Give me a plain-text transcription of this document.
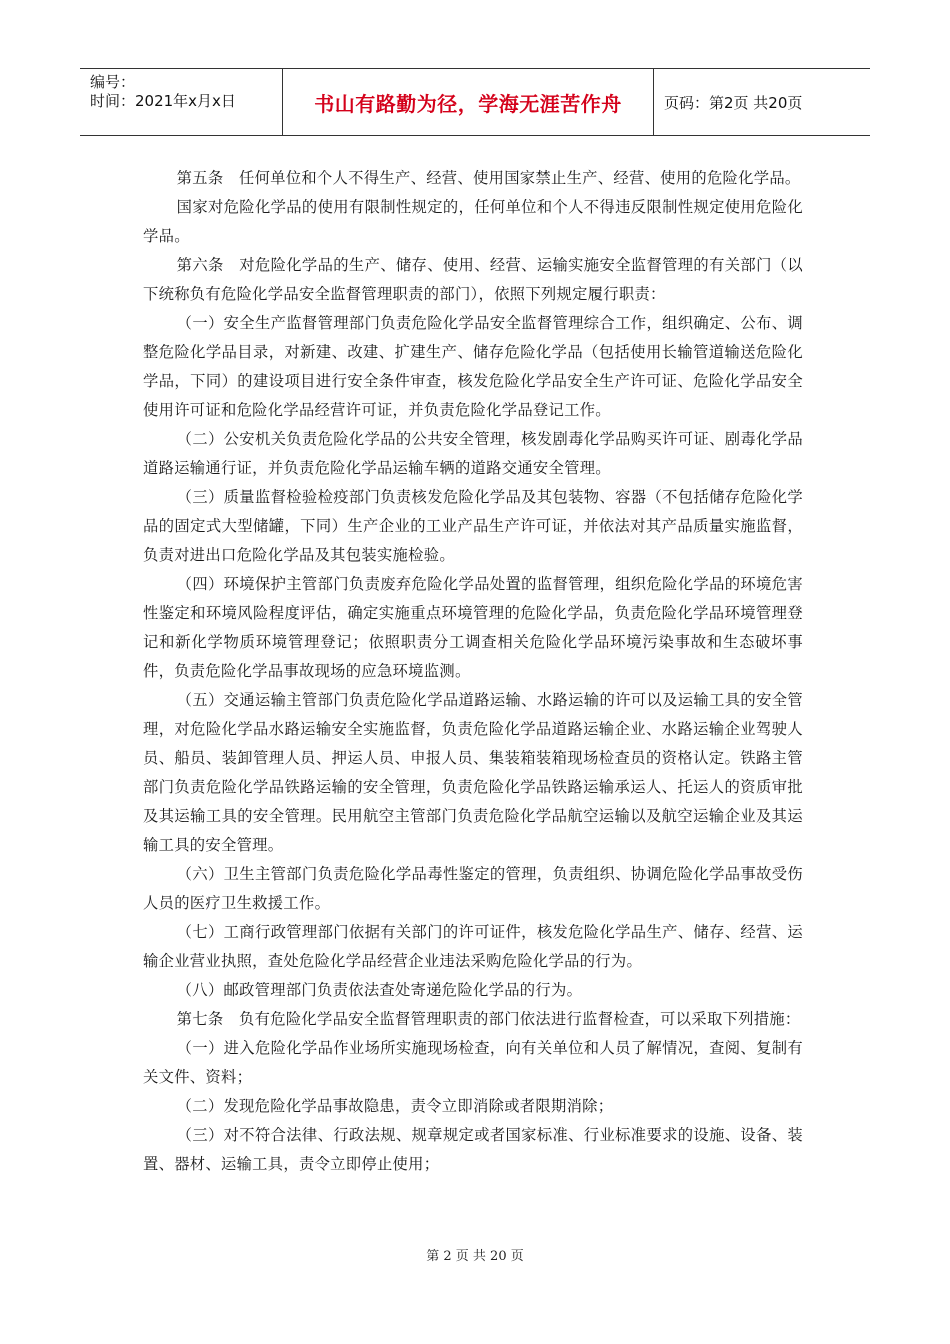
编号：
时间：2021年x月x日	书山有路勤为径，学海无涯苦作舟	页码：第2页 共20页

第五条　任何单位和个人不得生产、经营、使用国家禁止生产、经营、使用的危险化学品。

国家对危险化学品的使用有限制性规定的，任何单位和个人不得违反限制性规定使用危险化学品。

第六条　对危险化学品的生产、储存、使用、经营、运输实施安全监督管理的有关部门（以下统称负有危险化学品安全监督管理职责的部门），依照下列规定履行职责：

（一）安全生产监督管理部门负责危险化学品安全监督管理综合工作，组织确定、公布、调整危险化学品目录，对新建、改建、扩建生产、储存危险化学品（包括使用长输管道输送危险化学品，下同）的建设项目进行安全条件审查，核发危险化学品安全生产许可证、危险化学品安全使用许可证和危险化学品经营许可证，并负责危险化学品登记工作。

（二）公安机关负责危险化学品的公共安全管理，核发剧毒化学品购买许可证、剧毒化学品道路运输通行证，并负责危险化学品运输车辆的道路交通安全管理。

（三）质量监督检验检疫部门负责核发危险化学品及其包装物、容器（不包括储存危险化学品的固定式大型储罐，下同）生产企业的工业产品生产许可证，并依法对其产品质量实施监督，负责对进出口危险化学品及其包装实施检验。

（四）环境保护主管部门负责废弃危险化学品处置的监督管理，组织危险化学品的环境危害性鉴定和环境风险程度评估，确定实施重点环境管理的危险化学品，负责危险化学品环境管理登记和新化学物质环境管理登记；依照职责分工调查相关危险化学品环境污染事故和生态破坏事件，负责危险化学品事故现场的应急环境监测。

（五）交通运输主管部门负责危险化学品道路运输、水路运输的许可以及运输工具的安全管理，对危险化学品水路运输安全实施监督，负责危险化学品道路运输企业、水路运输企业驾驶人员、船员、装卸管理人员、押运人员、申报人员、集装箱装箱现场检查员的资格认定。铁路主管部门负责危险化学品铁路运输的安全管理，负责危险化学品铁路运输承运人、托运人的资质审批及其运输工具的安全管理。民用航空主管部门负责危险化学品航空运输以及航空运输企业及其运输工具的安全管理。

（六）卫生主管部门负责危险化学品毒性鉴定的管理，负责组织、协调危险化学品事故受伤人员的医疗卫生救援工作。

（七）工商行政管理部门依据有关部门的许可证件，核发危险化学品生产、储存、经营、运输企业营业执照，查处危险化学品经营企业违法采购危险化学品的行为。

（八）邮政管理部门负责依法查处寄递危险化学品的行为。

第七条　负有危险化学品安全监督管理职责的部门依法进行监督检查，可以采取下列措施：

（一）进入危险化学品作业场所实施现场检查，向有关单位和人员了解情况，查阅、复制有关文件、资料；

（二）发现危险化学品事故隐患，责令立即消除或者限期消除；

（三）对不符合法律、行政法规、规章规定或者国家标准、行业标准要求的设施、设备、装置、器材、运输工具，责令立即停止使用；

第 2 页 共 20 页
